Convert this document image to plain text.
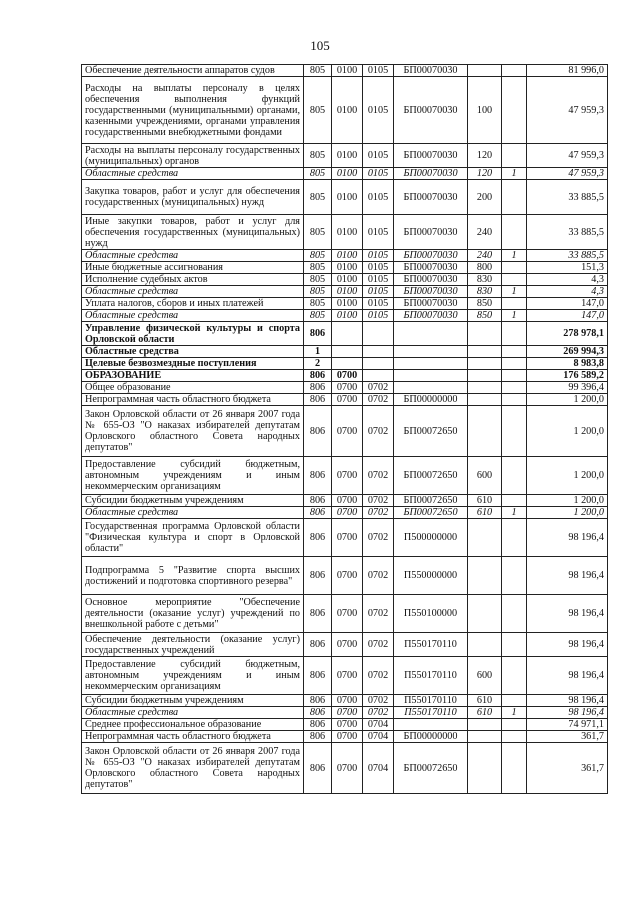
105
Обеспечение деятельности аппаратов судов	805	0100	0105	БП00070030			81 996,0
Расходы на выплаты персоналу в целях обеспечения выполнения функций государственными (муниципальными) органами, казенными учреждениями, органами управления государственными внебюджетными фондами	805	0100	0105	БП00070030	100		47 959,3
Расходы на выплаты персоналу государственных (муниципальных) органов	805	0100	0105	БП00070030	120		47 959,3
Областные средства	805	0100	0105	БП00070030	120	1	47 959,3
Закупка товаров, работ и услуг для обеспечения государственных (муниципальных) нужд	805	0100	0105	БП00070030	200		33 885,5
Иные закупки товаров, работ и услуг для обеспечения государственных (муниципальных) нужд	805	0100	0105	БП00070030	240		33 885,5
Областные средства	805	0100	0105	БП00070030	240	1	33 885,5
Иные бюджетные ассигнования	805	0100	0105	БП00070030	800		151,3
Исполнение судебных актов	805	0100	0105	БП00070030	830		4,3
Областные средства	805	0100	0105	БП00070030	830	1	4,3
Уплата налогов, сборов и иных платежей	805	0100	0105	БП00070030	850		147,0
Областные средства	805	0100	0105	БП00070030	850	1	147,0
Управление физической культуры и спорта Орловской области	806						278 978,1
Областные средства	1						269 994,3
Целевые безвозмездные поступления	2						8 983,8
ОБРАЗОВАНИЕ	806	0700					176 589,2
Общее образование	806	0700	0702				99 396,4
Непрограммная часть областного бюджета	806	0700	0702	БП00000000			1 200,0
Закон Орловской области от 26 января 2007 года № 655-ОЗ "О наказах избирателей депутатам Орловского областного Совета народных депутатов"	806	0700	0702	БП00072650			1 200,0
Предоставление субсидий бюджетным, автономным учреждениям и иным некоммерческим организациям	806	0700	0702	БП00072650	600		1 200,0
Субсидии бюджетным учреждениям	806	0700	0702	БП00072650	610		1 200,0
Областные средства	806	0700	0702	БП00072650	610	1	1 200,0
Государственная программа Орловской области "Физическая культура и спорт в Орловской области"	806	0700	0702	П500000000			98 196,4
Подпрограмма 5 "Развитие спорта высших достижений и подготовка спортивного резерва"	806	0700	0702	П550000000			98 196,4
Основное мероприятие "Обеспечение деятельности (оказание услуг) учреждений по внешкольной работе с детьми"	806	0700	0702	П550100000			98 196,4
Обеспечение деятельности (оказание услуг) государственных учреждений	806	0700	0702	П550170110			98 196,4
Предоставление субсидий бюджетным, автономным учреждениям и иным некоммерческим организациям	806	0700	0702	П550170110	600		98 196,4
Субсидии бюджетным учреждениям	806	0700	0702	П550170110	610		98 196,4
Областные средства	806	0700	0702	П550170110	610	1	98 196,4
Среднее профессиональное образование	806	0700	0704				74 971,1
Непрограммная часть областного бюджета	806	0700	0704	БП00000000			361,7
Закон Орловской области от 26 января 2007 года № 655-ОЗ "О наказах избирателей депутатам Орловского областного Совета народных депутатов"	806	0700	0704	БП00072650			361,7
